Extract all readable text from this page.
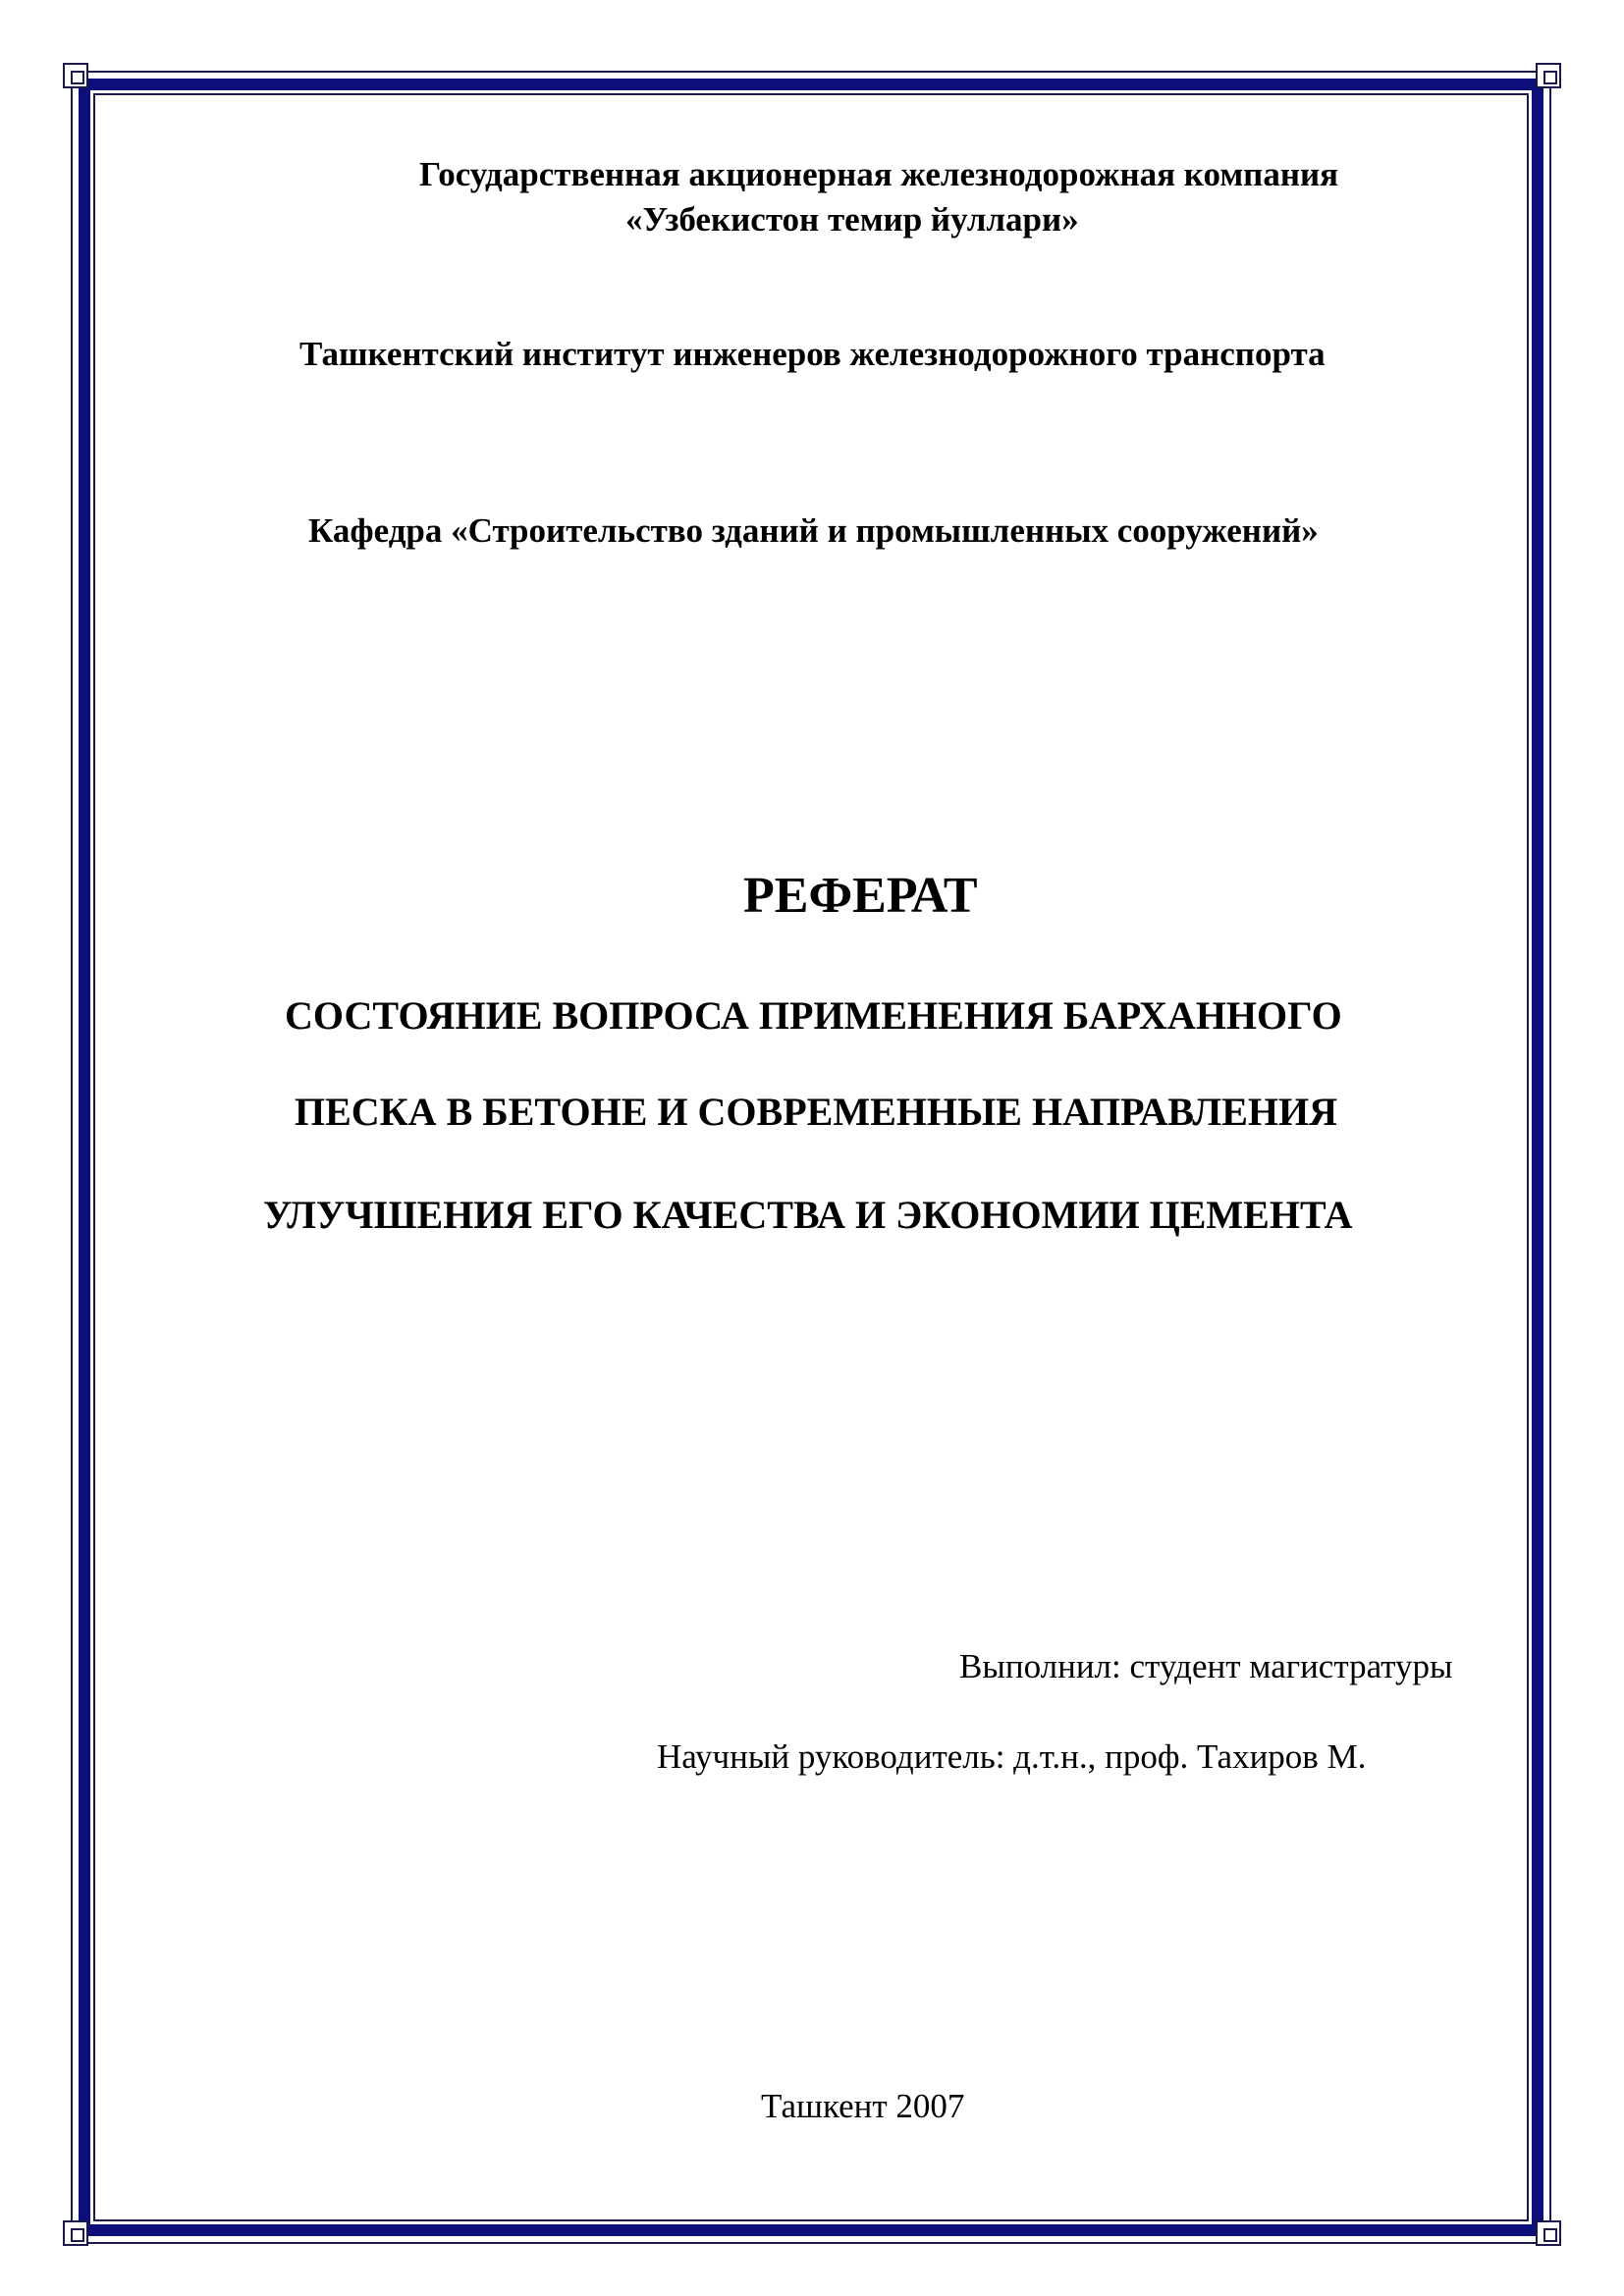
Государственная акционерная железнодорожная компания
«Узбекистон темир йуллари»
Ташкентский институт инженеров железнодорожного транспорта
Кафедра «Строительство зданий и промышленных сооружений»
РЕФЕРАТ
СОСТОЯНИЕ ВОПРОСА ПРИМЕНЕНИЯ БАРХАННОГО
ПЕСКА В БЕТОНЕ И СОВРЕМЕННЫЕ НАПРАВЛЕНИЯ
УЛУЧШЕНИЯ ЕГО КАЧЕСТВА И ЭКОНОМИИ ЦЕМЕНТА
Выполнил: студент магистратуры
Научный руководитель: д.т.н., проф. Тахиров М.
Ташкент 2007
